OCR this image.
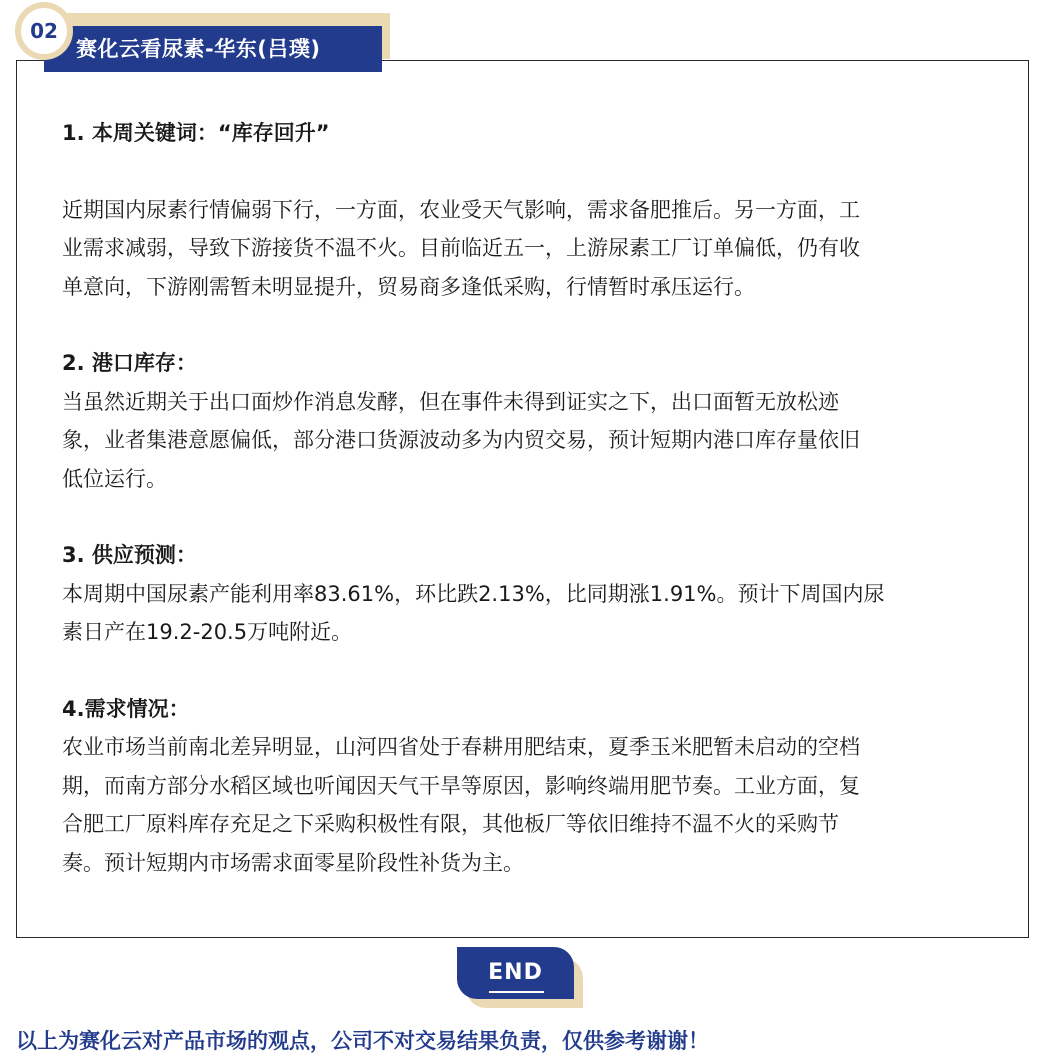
赛化云看尿素-华东(吕璞)
02

1. 本周关键词：“库存回升”

近期国内尿素行情偏弱下行，一方面，农业受天气影响，需求备肥推后。另一方面，工

业需求减弱，导致下游接货不温不火。目前临近五一，上游尿素工厂订单偏低，仍有收

单意向，下游刚需暂未明显提升，贸易商多逢低采购，行情暂时承压运行。

2. 港口库存：

当虽然近期关于出口面炒作消息发酵，但在事件未得到证实之下，出口面暂无放松迹

象，业者集港意愿偏低，部分港口货源波动多为内贸交易，预计短期内港口库存量依旧

低位运行。

3. 供应预测：

本周期中国尿素产能利用率83.61%，环比跌2.13%，比同期涨1.91%。预计下周国内尿

素日产在19.2-20.5万吨附近。

4.需求情况：

农业市场当前南北差异明显，山河四省处于春耕用肥结束，夏季玉米肥暂未启动的空档

期，而南方部分水稻区域也听闻因天气干旱等原因，影响终端用肥节奏。工业方面，复

合肥工厂原料库存充足之下采购积极性有限，其他板厂等依旧维持不温不火的采购节

奏。预计短期内市场需求面零星阶段性补货为主。

END
以上为赛化云对产品市场的观点，公司不对交易结果负责，仅供参考谢谢！
